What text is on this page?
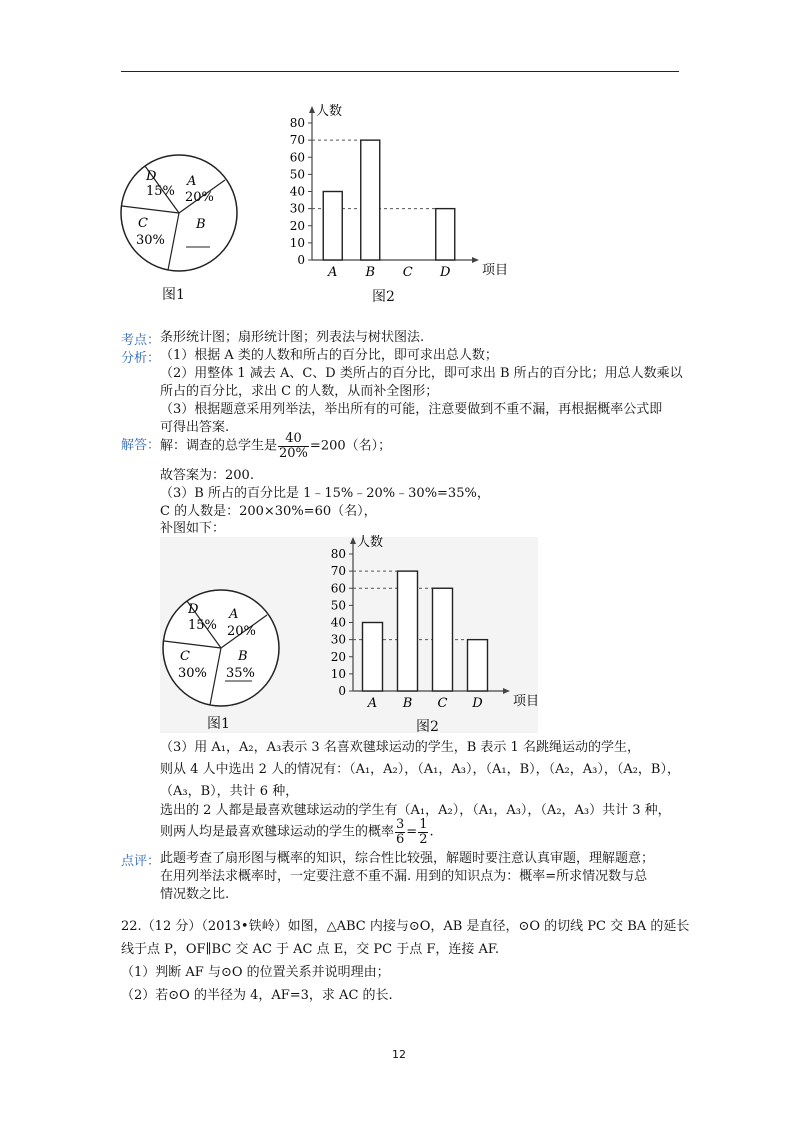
D
15%
A
20%
B
C
30%
图1
人数
项目
0
10
20
30
40
50
60
70
80
A B C D
图2
考点： 条形统计图；扇形统计图；列表法与树状图法.
分析： （1）根据 A 类的人数和所占的百分比，即可求出总人数；
（2）用整体 1 减去 A、C、D 类所占的百分比，即可求出 B 所占的百分比；用总人数乘以
所占的百分比，求出 C 的人数，从而补全图形；
（3）根据题意采用列举法，举出所有的可能，注意要做到不重不漏，再根据概率公式即
可得出答案.
解答： 解：调查的总学生是 $\frac{40}{20\%} =200$（名）；
故答案为：200.
（3）B 所占的百分比是 1﹣15%﹣20%﹣30%=35%，
C 的人数是：200×30%=60（名），
补图如下：
D
15%
A
20%
B
35%
C
30%
图1
人数
项目
0
10
20
30
40
50
60
70
80
A B C D
图2
（3）用 A₁，A₂，A₃表示 3 名喜欢毽球运动的学生，B 表示 1 名跳绳运动的学生，
则从 4 人中选出 2 人的情况有：（A₁，A₂），（A₁，A₃），（A₁，B），（A₂，A₃），（A₂，B），
（A₃，B），共计 6 种，
选出的 2 人都是最喜欢毽球运动的学生有（A₁，A₂），（A₁，A₃），（A₂，A₃）共计 3 种，
则两人均是最喜欢毽球运动的学生的概率 $\frac{3}{6} = \frac{1}{2}$ .
点评： 此题考查了扇形图与概率的知识，综合性比较强，解题时要注意认真审题，理解题意；
在用列举法求概率时，一定要注意不重不漏. 用到的知识点为：概率=所求情况数与总
情况数之比.
22.（12 分）（2013•铁岭）如图，△ABC 内接与⊙O，AB 是直径，⊙O 的切线 PC 交 BA 的延长
线于点 P，OF∥BC 交 AC 于 AC 点 E，交 PC 于点 F，连接 AF.
（1）判断 AF 与⊙O 的位置关系并说明理由；
（2）若⊙O 的半径为 4，AF=3，求 AC 的长.
12
